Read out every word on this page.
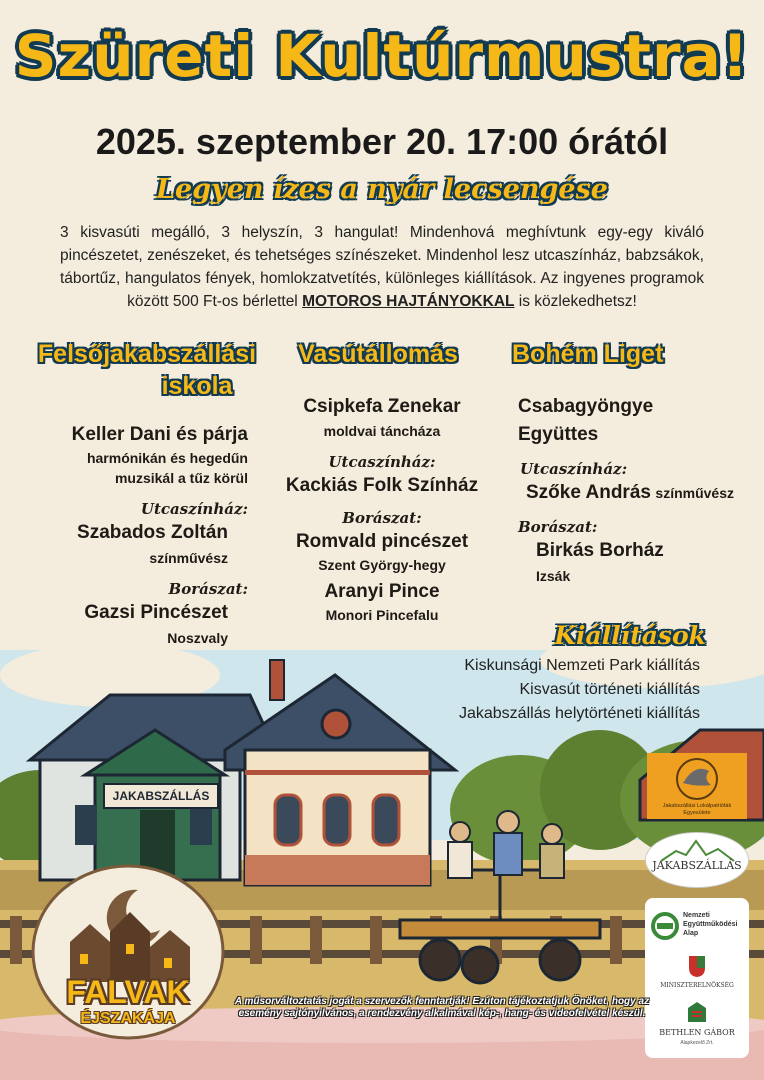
Szüreti Kultúrmustra!
2025. szeptember 20. 17:00 órától
Legyen ízes a nyár lecsengése
3 kisvasúti megálló, 3 helyszín, 3 hangulat! Mindenhová meghívtunk egy-egy kiváló pincészetet, zenészeket, és tehetséges színészeket. Mindenhol lesz utcaszínház, babzsákok, tábortűz, hangulatos fények, homlokzatvetítés, különleges kiállítások. Az ingyenes programok között 500 Ft-os bérlettel MOTOROS HAJTÁNYOKKAL is közlekedhetsz!
Felsőjakabszállási
iskola
Keller Dani és párja
harmónikán és hegedűn
muzsikál a tűz körül
Utcaszínház:
Szabados Zoltán
színművész
Borászat:
Gazsi Pincészet
Noszvaly
Vasútállomás
Csipkefa Zenekar
moldvai táncháza
Utcaszínház:
Kackiás Folk Színház
Borászat:
Romvald pincészet
Szent György-hegy
Aranyi Pince
Monori Pincefalu
Bohém Liget
Csabagyöngye
Együttes
Utcaszínház:
Szőke András színművész
Borászat:
Birkás Borház
Izsák
Kiállítások
Kiskunsági Nemzeti Park kiállítás
Kisvasút történeti kiállítás
Jakabszállás helytörténeti kiállítás
JAKABSZÁLLÁS
FALVAK
ÉJSZAKÁJA
Jakabszállási Lokálpatrióták Egyesülete
JAKABSZÁLLÁS
Nemzeti
Együttműködési
Alap
MINISZTERELNÖKSÉG
BETHLEN GÁBOR
Alapkezelő Zrt.
A műsorváltoztatás jogát a szervezők fenntartják! Ezúton tájékoztatjuk Önöket, hogy az esemény sajtónyilvános, a rendezvény alkalmával kép-, hang- és videofelvétel készül.
